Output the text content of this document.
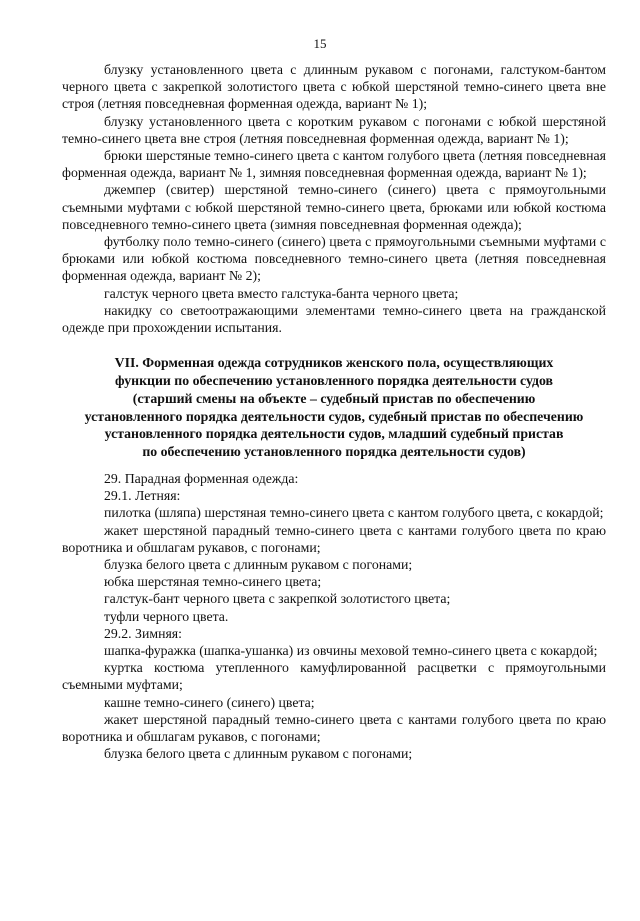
15

блузку установленного цвета с длинным рукавом с погонами, галстуком-бантом черного цвета с закрепкой золотистого цвета с юбкой шерстяной темно-синего цвета вне строя (летняя повседневная форменная одежда, вариант № 1);

блузку установленного цвета с коротким рукавом с погонами с юбкой шерстяной темно-синего цвета вне строя (летняя повседневная форменная одежда, вариант № 1);

брюки шерстяные темно-синего цвета с кантом голубого цвета (летняя повседневная форменная одежда, вариант № 1, зимняя повседневная форменная одежда, вариант № 1);

джемпер (свитер) шерстяной темно-синего (синего) цвета с прямоугольными съемными муфтами с юбкой шерстяной темно-синего цвета, брюками или юбкой костюма повседневного темно-синего цвета (зимняя повседневная форменная одежда);

футболку поло темно-синего (синего) цвета с прямоугольными съемными муфтами с брюками или юбкой костюма повседневного темно-синего цвета (летняя повседневная форменная одежда, вариант № 2);

галстук черного цвета вместо галстука-банта черного цвета;

накидку со светоотражающими элементами темно-синего цвета на гражданской одежде при прохождении испытания.

VII. Форменная одежда сотрудников женского пола, осуществляющих
функции по обеспечению установленного порядка деятельности судов
(старший смены на объекте – судебный пристав по обеспечению
установленного порядка деятельности судов, судебный пристав по обеспечению
установленного порядка деятельности судов, младший судебный пристав
по обеспечению установленного порядка деятельности судов)

29. Парадная форменная одежда:

29.1. Летняя:

пилотка (шляпа) шерстяная темно-синего цвета с кантом голубого цвета, с кокардой;

жакет шерстяной парадный темно-синего цвета с кантами голубого цвета по краю воротника и обшлагам рукавов, с погонами;

блузка белого цвета с длинным рукавом с погонами;

юбка шерстяная темно-синего цвета;

галстук-бант черного цвета с закрепкой золотистого цвета;

туфли черного цвета.

29.2. Зимняя:

шапка-фуражка (шапка-ушанка) из овчины меховой темно-синего цвета с кокардой;

куртка костюма утепленного камуфлированной расцветки с прямоугольными съемными муфтами;

кашне темно-синего (синего) цвета;

жакет шерстяной парадный темно-синего цвета с кантами голубого цвета по краю воротника и обшлагам рукавов, с погонами;

блузка белого цвета с длинным рукавом с погонами;
